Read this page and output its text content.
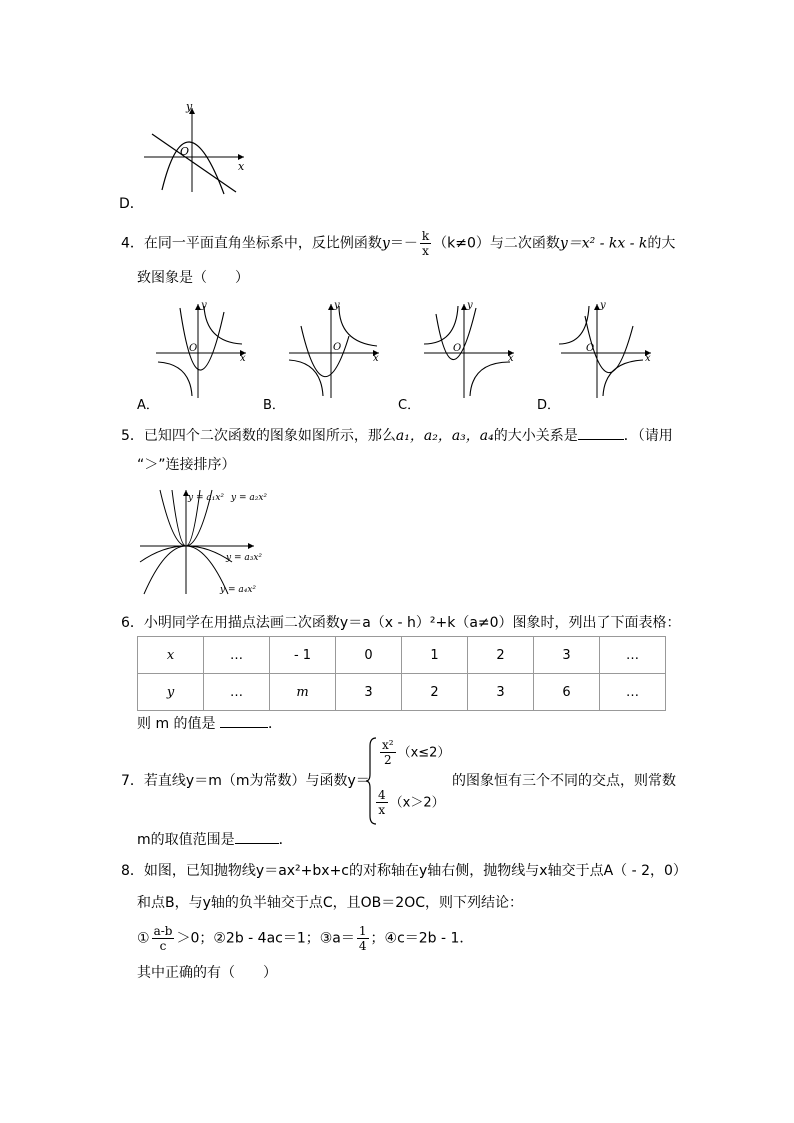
y
x
O
D．
4．在同一平面直角坐标系中，反比例函数$y=- \frac{k}{x} (k\ne 0)$与二次函数y＝x² - kx - k的大
致图象是（　　）
y
x
O
y
x
O
y
x
O
y
x
O
A．	B．	C．	D．
5．已知四个二次函数的图象如图所示，那么a₁，a₂，a₃，a₄的大小关系是	．（请用
“＞”连接排序）
y = a₁x² y = a₂x²
y = a₃x²
y = a₄x²
6．小明同学在用描点法画二次函数y＝a（x - h）²+k（a≠0）图象时，列出了下面表格：
x	…	- 1	0	1	2	3	…
y	…	m	3	2	3	6	…
则 m 的值是	．
7．若直线y＝m（m为常数）与函数y＝
$\frac{\text{x²}}{2} (x\le 2)$
$\frac{4}{x} (x>2)$
的图象恒有三个不同的交点，则常数
m的取值范围是	．
8．如图，已知抛物线y＝ax²+bx+c的对称轴在y轴右侧，抛物线与x轴交于点A（ - 2，0）
和点B，与y轴的负半轴交于点C，且OB＝2OC，则下列结论：
① $\frac{a-b}{c} >0$；②2b - 4ac＝1；③a＝ $\frac{1}{4}$ ；④c＝2b - 1．
其中正确的有（　　）
